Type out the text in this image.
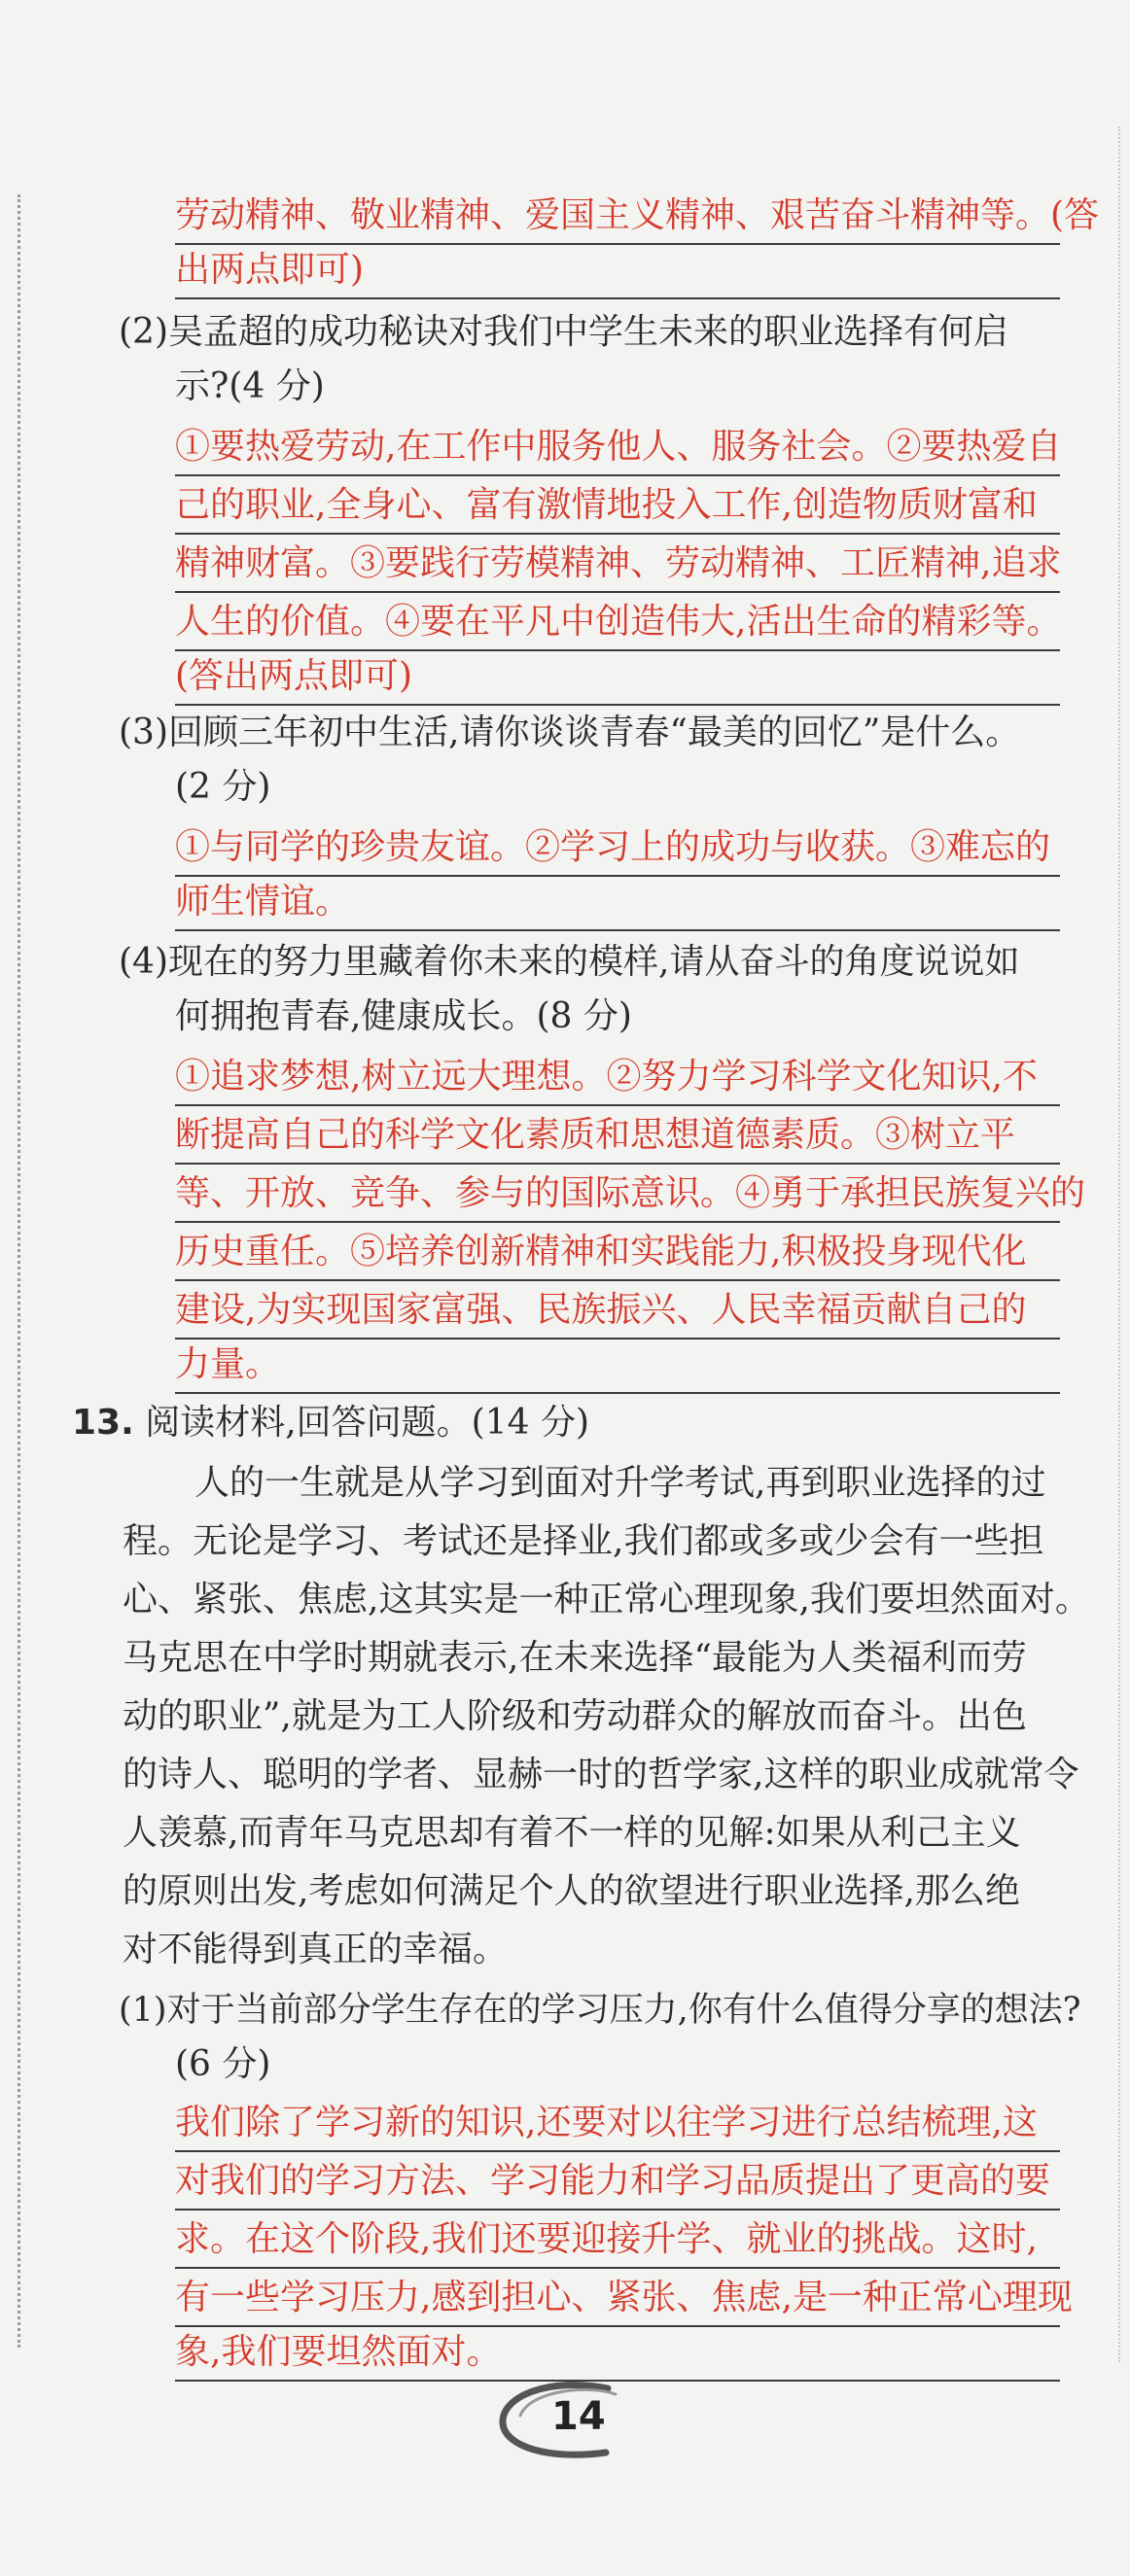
劳动精神、敬业精神、爱国主义精神、艰苦奋斗精神等。(答
出两点即可)
(2)吴孟超的成功秘诀对我们中学生未来的职业选择有何启
示?(4 分)
①要热爱劳动,在工作中服务他人、服务社会。②要热爱自
己的职业,全身心、富有激情地投入工作,创造物质财富和
精神财富。③要践行劳模精神、劳动精神、工匠精神,追求
人生的价值。④要在平凡中创造伟大,活出生命的精彩等。
(答出两点即可)
(3)回顾三年初中生活,请你谈谈青春“最美的回忆”是什么。
(2 分)
①与同学的珍贵友谊。②学习上的成功与收获。③难忘的
师生情谊。
(4)现在的努力里藏着你未来的模样,请从奋斗的角度说说如
何拥抱青春,健康成长。(8 分)
①追求梦想,树立远大理想。②努力学习科学文化知识,不
断提高自己的科学文化素质和思想道德素质。③树立平
等、开放、竞争、参与的国际意识。④勇于承担民族复兴的
历史重任。⑤培养创新精神和实践能力,积极投身现代化
建设,为实现国家富强、民族振兴、人民幸福贡献自己的
力量。
13. 阅读材料,回答问题。(14 分)
人的一生就是从学习到面对升学考试,再到职业选择的过
程。无论是学习、考试还是择业,我们都或多或少会有一些担
心、紧张、焦虑,这其实是一种正常心理现象,我们要坦然面对。
马克思在中学时期就表示,在未来选择“最能为人类福利而劳
动的职业”,就是为工人阶级和劳动群众的解放而奋斗。出色
的诗人、聪明的学者、显赫一时的哲学家,这样的职业成就常令
人羡慕,而青年马克思却有着不一样的见解:如果从利己主义
的原则出发,考虑如何满足个人的欲望进行职业选择,那么绝
对不能得到真正的幸福。
(1)对于当前部分学生存在的学习压力,你有什么值得分享的想法?
(6 分)
我们除了学习新的知识,还要对以往学习进行总结梳理,这
对我们的学习方法、学习能力和学习品质提出了更高的要
求。在这个阶段,我们还要迎接升学、就业的挑战。这时,
有一些学习压力,感到担心、紧张、焦虑,是一种正常心理现
象,我们要坦然面对。
14
